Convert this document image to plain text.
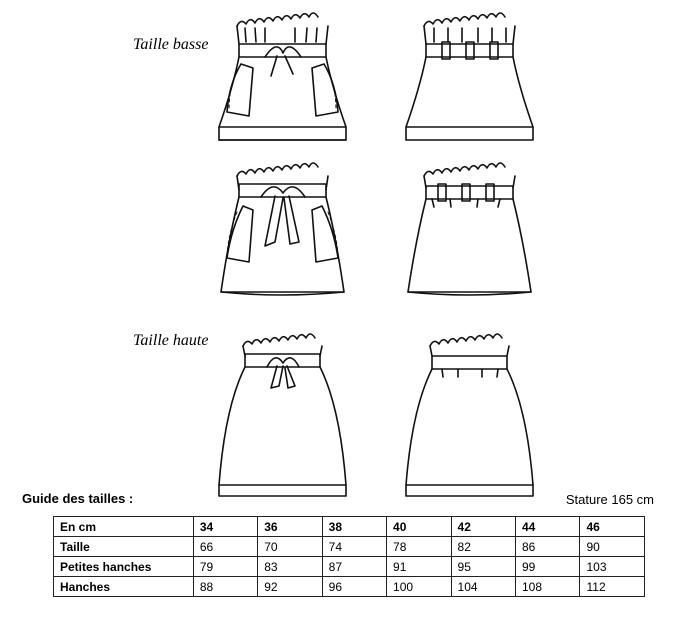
Taille basse
Taille haute
Guide des tailles :	Stature 165 cm
En cm	34	36	38	40	42	44	46
Taille	66	70	74	78	82	86	90
Petites hanches	79	83	87	91	95	99	103
Hanches	88	92	96	100	104	108	112
